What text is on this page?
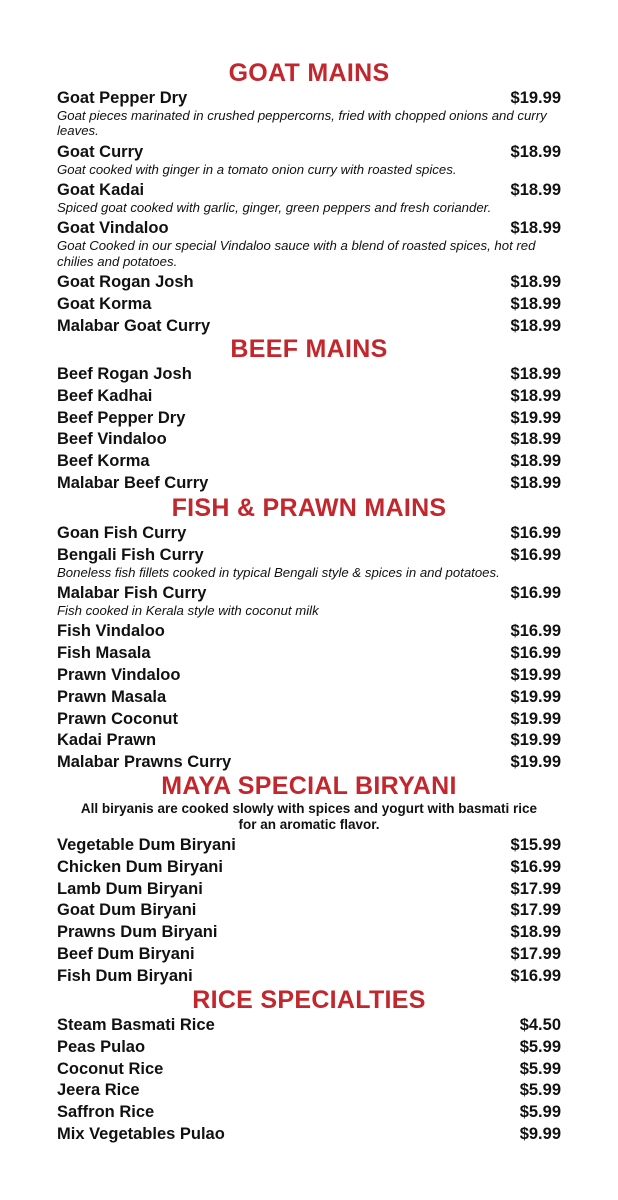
GOAT MAINS
Goat Pepper Dry	$19.99
Goat pieces marinated in crushed peppercorns, fried with chopped onions and curry leaves.
Goat Curry	$18.99
Goat cooked with ginger in a tomato onion curry with roasted spices.
Goat Kadai	$18.99
Spiced goat cooked with garlic, ginger, green peppers and fresh coriander.
Goat Vindaloo	$18.99
Goat Cooked in our special Vindaloo sauce with a blend of roasted spices, hot red chilies and potatoes.
Goat Rogan Josh	$18.99
Goat Korma	$18.99
Malabar Goat Curry	$18.99
BEEF MAINS
Beef Rogan Josh	$18.99
Beef Kadhai	$18.99
Beef Pepper Dry	$19.99
Beef Vindaloo	$18.99
Beef Korma	$18.99
Malabar Beef Curry	$18.99
FISH & PRAWN MAINS
Goan Fish Curry	$16.99
Bengali Fish Curry	$16.99
Boneless fish fillets cooked in typical Bengali style & spices in and potatoes.
Malabar Fish Curry	$16.99
Fish cooked in Kerala style with coconut milk
Fish Vindaloo	$16.99
Fish Masala	$16.99
Prawn Vindaloo	$19.99
Prawn Masala	$19.99
Prawn Coconut	$19.99
Kadai Prawn	$19.99
Malabar Prawns Curry	$19.99
MAYA SPECIAL BIRYANI

All biryanis are cooked slowly with spices and yogurt with basmati rice for an aromatic flavor.

Vegetable Dum Biryani	$15.99
Chicken Dum Biryani	$16.99
Lamb Dum Biryani	$17.99
Goat Dum Biryani	$17.99
Prawns Dum Biryani	$18.99
Beef Dum Biryani	$17.99
Fish Dum Biryani	$16.99
RICE SPECIALTIES
Steam Basmati Rice	$4.50
Peas Pulao	$5.99
Coconut Rice	$5.99
Jeera Rice	$5.99
Saffron Rice	$5.99
Mix Vegetables Pulao	$9.99
